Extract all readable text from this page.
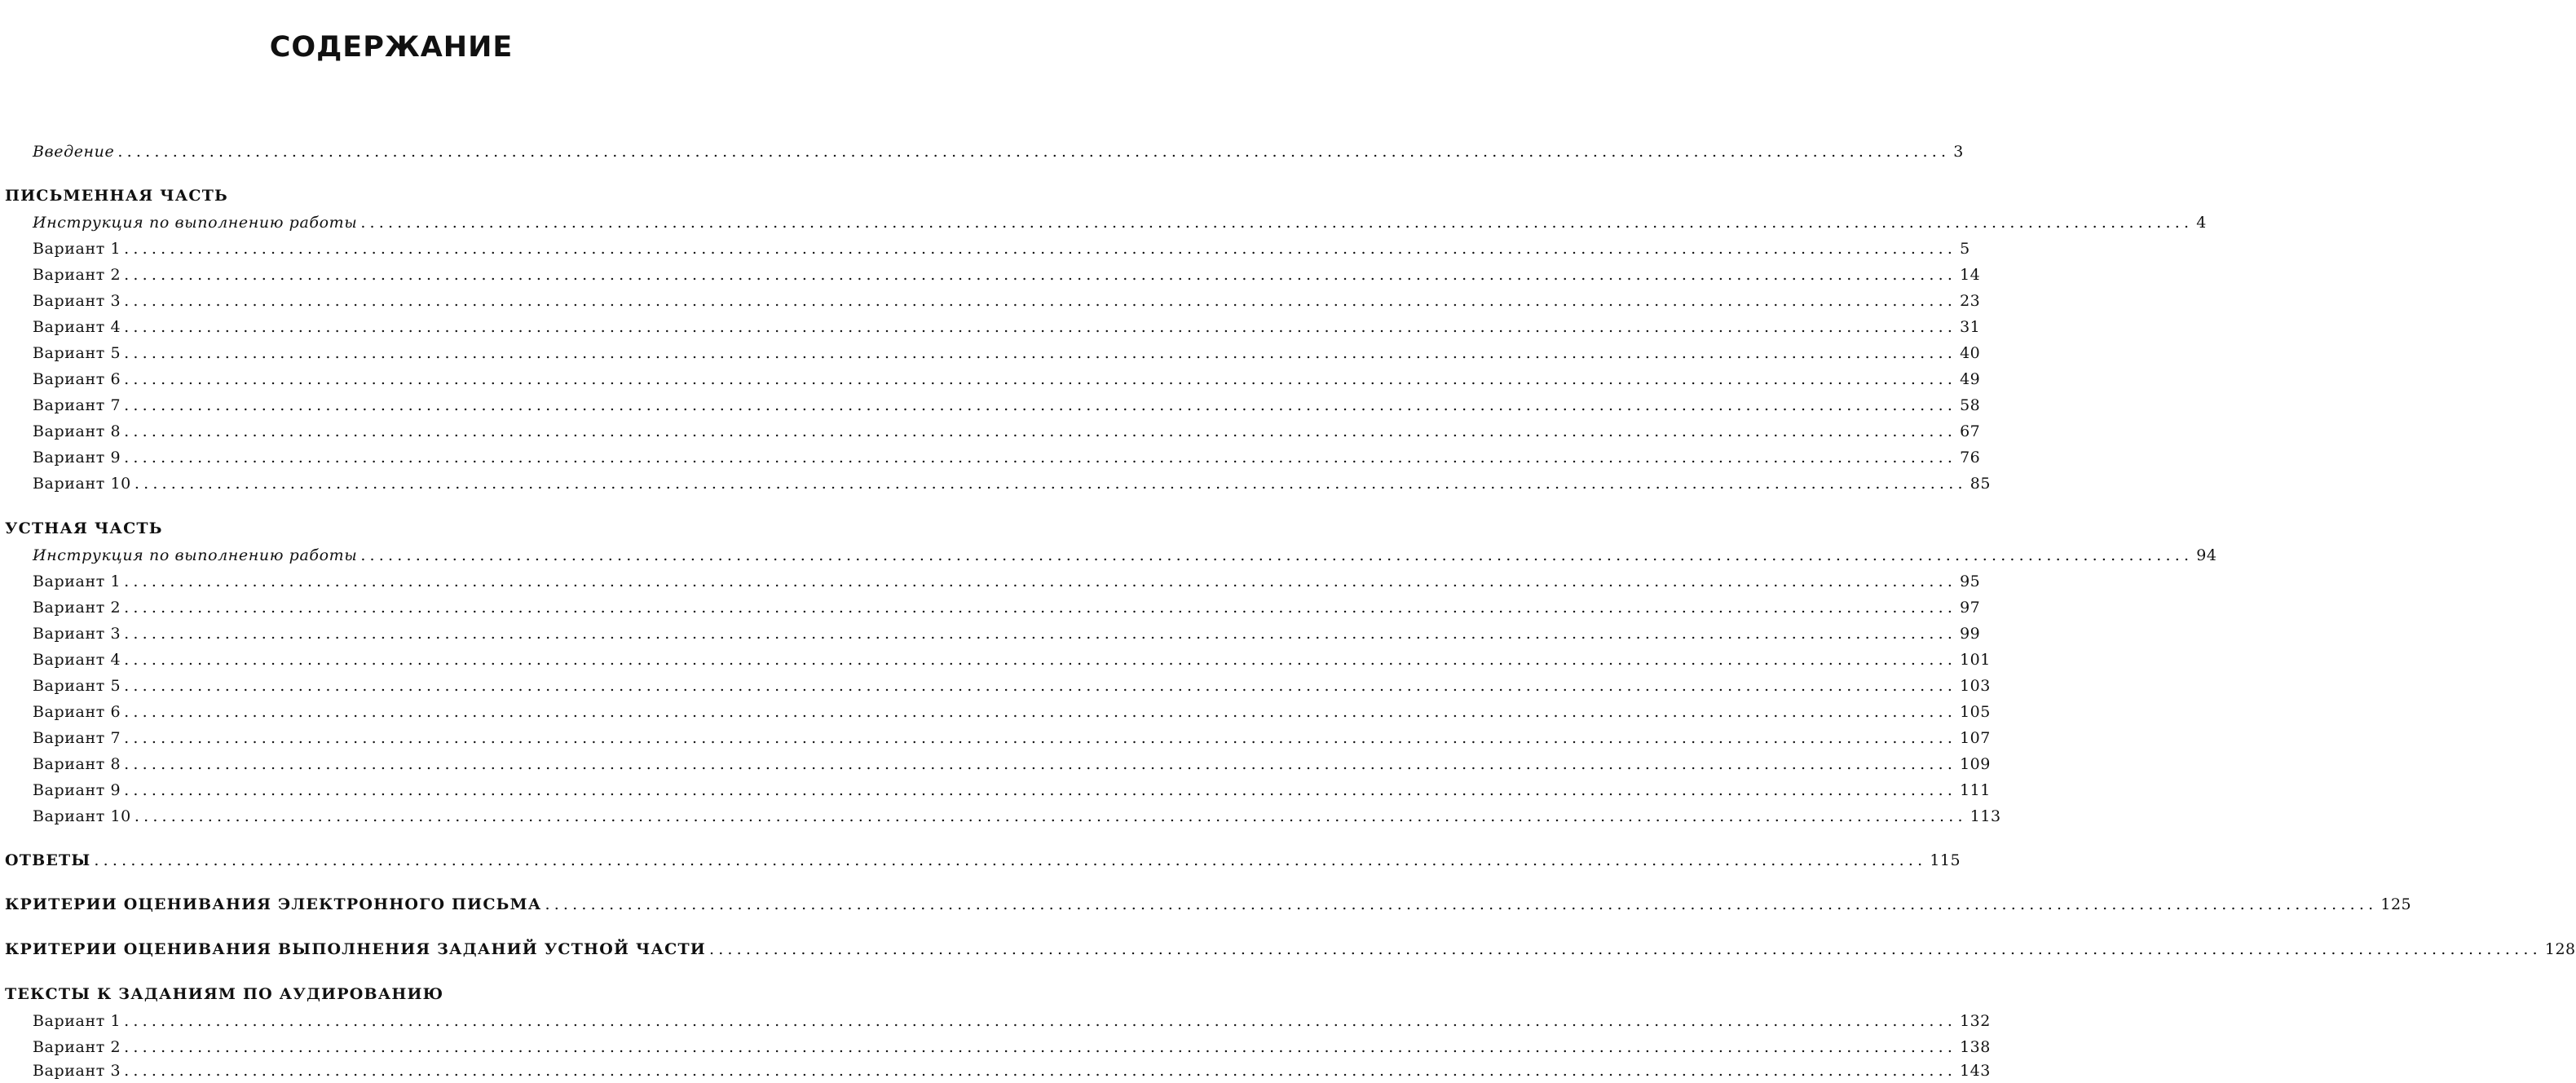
СОДЕРЖАНИЕ
Введение ........................................................................................................................................................................................................ 3
ПИСЬМЕННАЯ ЧАСТЬ
Инструкция по выполнению работы ........................................................................................................................................................................................................ 4
Вариант 1 ........................................................................................................................................................................................................ 5
Вариант 2 ........................................................................................................................................................................................................ 14
Вариант 3 ........................................................................................................................................................................................................ 23
Вариант 4 ........................................................................................................................................................................................................ 31
Вариант 5 ........................................................................................................................................................................................................ 40
Вариант 6 ........................................................................................................................................................................................................ 49
Вариант 7 ........................................................................................................................................................................................................ 58
Вариант 8 ........................................................................................................................................................................................................ 67
Вариант 9 ........................................................................................................................................................................................................ 76
Вариант 10 ........................................................................................................................................................................................................ 85
УСТНАЯ ЧАСТЬ
Инструкция по выполнению работы ........................................................................................................................................................................................................ 94
Вариант 1 ........................................................................................................................................................................................................ 95
Вариант 2 ........................................................................................................................................................................................................ 97
Вариант 3 ........................................................................................................................................................................................................ 99
Вариант 4 ........................................................................................................................................................................................................ 101
Вариант 5 ........................................................................................................................................................................................................ 103
Вариант 6 ........................................................................................................................................................................................................ 105
Вариант 7 ........................................................................................................................................................................................................ 107
Вариант 8 ........................................................................................................................................................................................................ 109
Вариант 9 ........................................................................................................................................................................................................ 111
Вариант 10 ........................................................................................................................................................................................................ 113
ОТВЕТЫ ........................................................................................................................................................................................................ 115
КРИТЕРИИ ОЦЕНИВАНИЯ ЭЛЕКТРОННОГО ПИСЬМА ........................................................................................................................................................................................................ 125
КРИТЕРИИ ОЦЕНИВАНИЯ ВЫПОЛНЕНИЯ ЗАДАНИЙ УСТНОЙ ЧАСТИ ........................................................................................................................................................................................................ 128
ТЕКСТЫ К ЗАДАНИЯМ ПО АУДИРОВАНИЮ
Вариант 1 ........................................................................................................................................................................................................ 132
Вариант 2 ........................................................................................................................................................................................................ 138
Вариант 3 ........................................................................................................................................................................................................ 143
